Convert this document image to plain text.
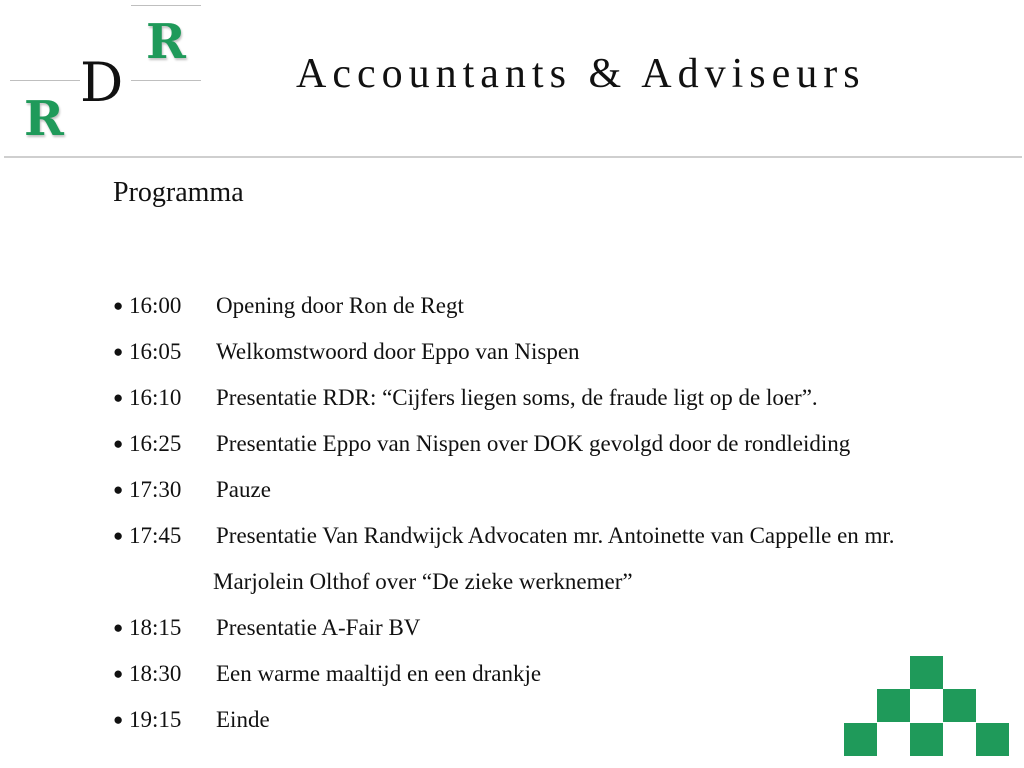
R
D
R
Accountants & Adviseurs
Programma
● 16:00 Opening door Ron de Regt
● 16:05 Welkomstwoord door Eppo van Nispen
● 16:10 Presentatie RDR: “Cijfers liegen soms, de fraude ligt op de loer”.
● 16:25 Presentatie Eppo van Nispen over DOK gevolgd door de rondleiding
● 17:30 Pauze
● 17:45 Presentatie Van Randwijck Advocaten mr. Antoinette van Cappelle en mr.
Marjolein Olthof over “De zieke werknemer”
● 18:15 Presentatie A-Fair BV
● 18:30 Een warme maaltijd en een drankje
● 19:15 Einde
